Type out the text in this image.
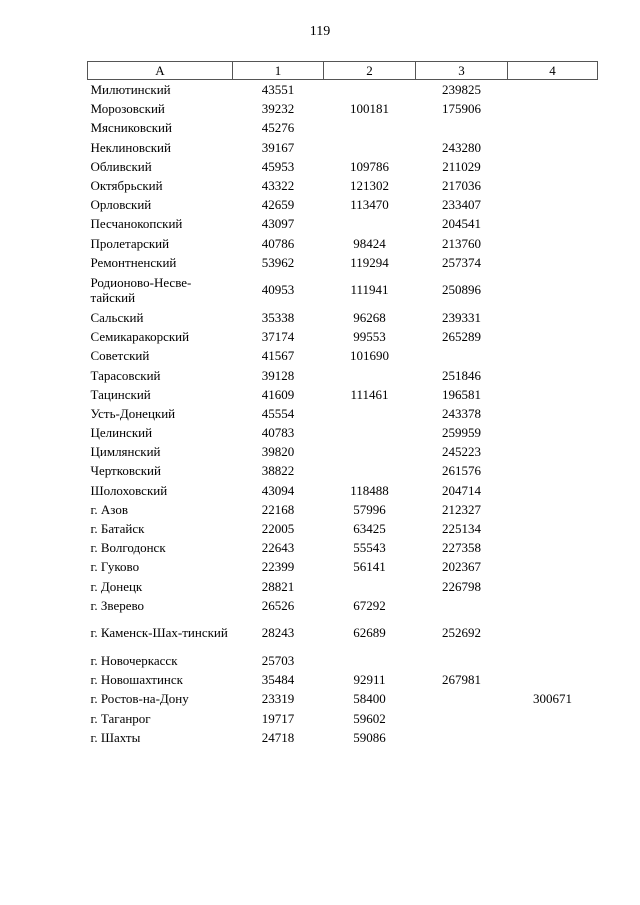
119
А	1	2	3	4
Милютинский	43551		239825	
Морозовский	39232	100181	175906	
Мясниковский	45276			
Неклиновский	39167		243280	
Обливский	45953	109786	211029	
Октябрьский	43322	121302	217036	
Орловский	42659	113470	233407	
Песчанокопский	43097		204541	
Пролетарский	40786	98424	213760	
Ремонтненский	53962	119294	257374	
Родионово-Несве-тайский	40953	111941	250896	
Сальский	35338	96268	239331	
Семикаракорский	37174	99553	265289	
Советский	41567	101690		
Тарасовский	39128		251846	
Тацинский	41609	111461	196581	
Усть-Донецкий	45554		243378	
Целинский	40783		259959	
Цимлянский	39820		245223	
Чертковский	38822		261576	
Шолоховский	43094	118488	204714	
г. Азов	22168	57996	212327	
г. Батайск	22005	63425	225134	
г. Волгодонск	22643	55543	227358	
г. Гуково	22399	56141	202367	
г. Донецк	28821		226798	
г. Зверево	26526	67292		
г. Каменск-Шах-тинский	28243	62689	252692	
г. Новочеркасск	25703			
г. Новошахтинск	35484	92911	267981	
г. Ростов-на-Дону	23319	58400		300671
г. Таганрог	19717	59602		
г. Шахты	24718	59086		
